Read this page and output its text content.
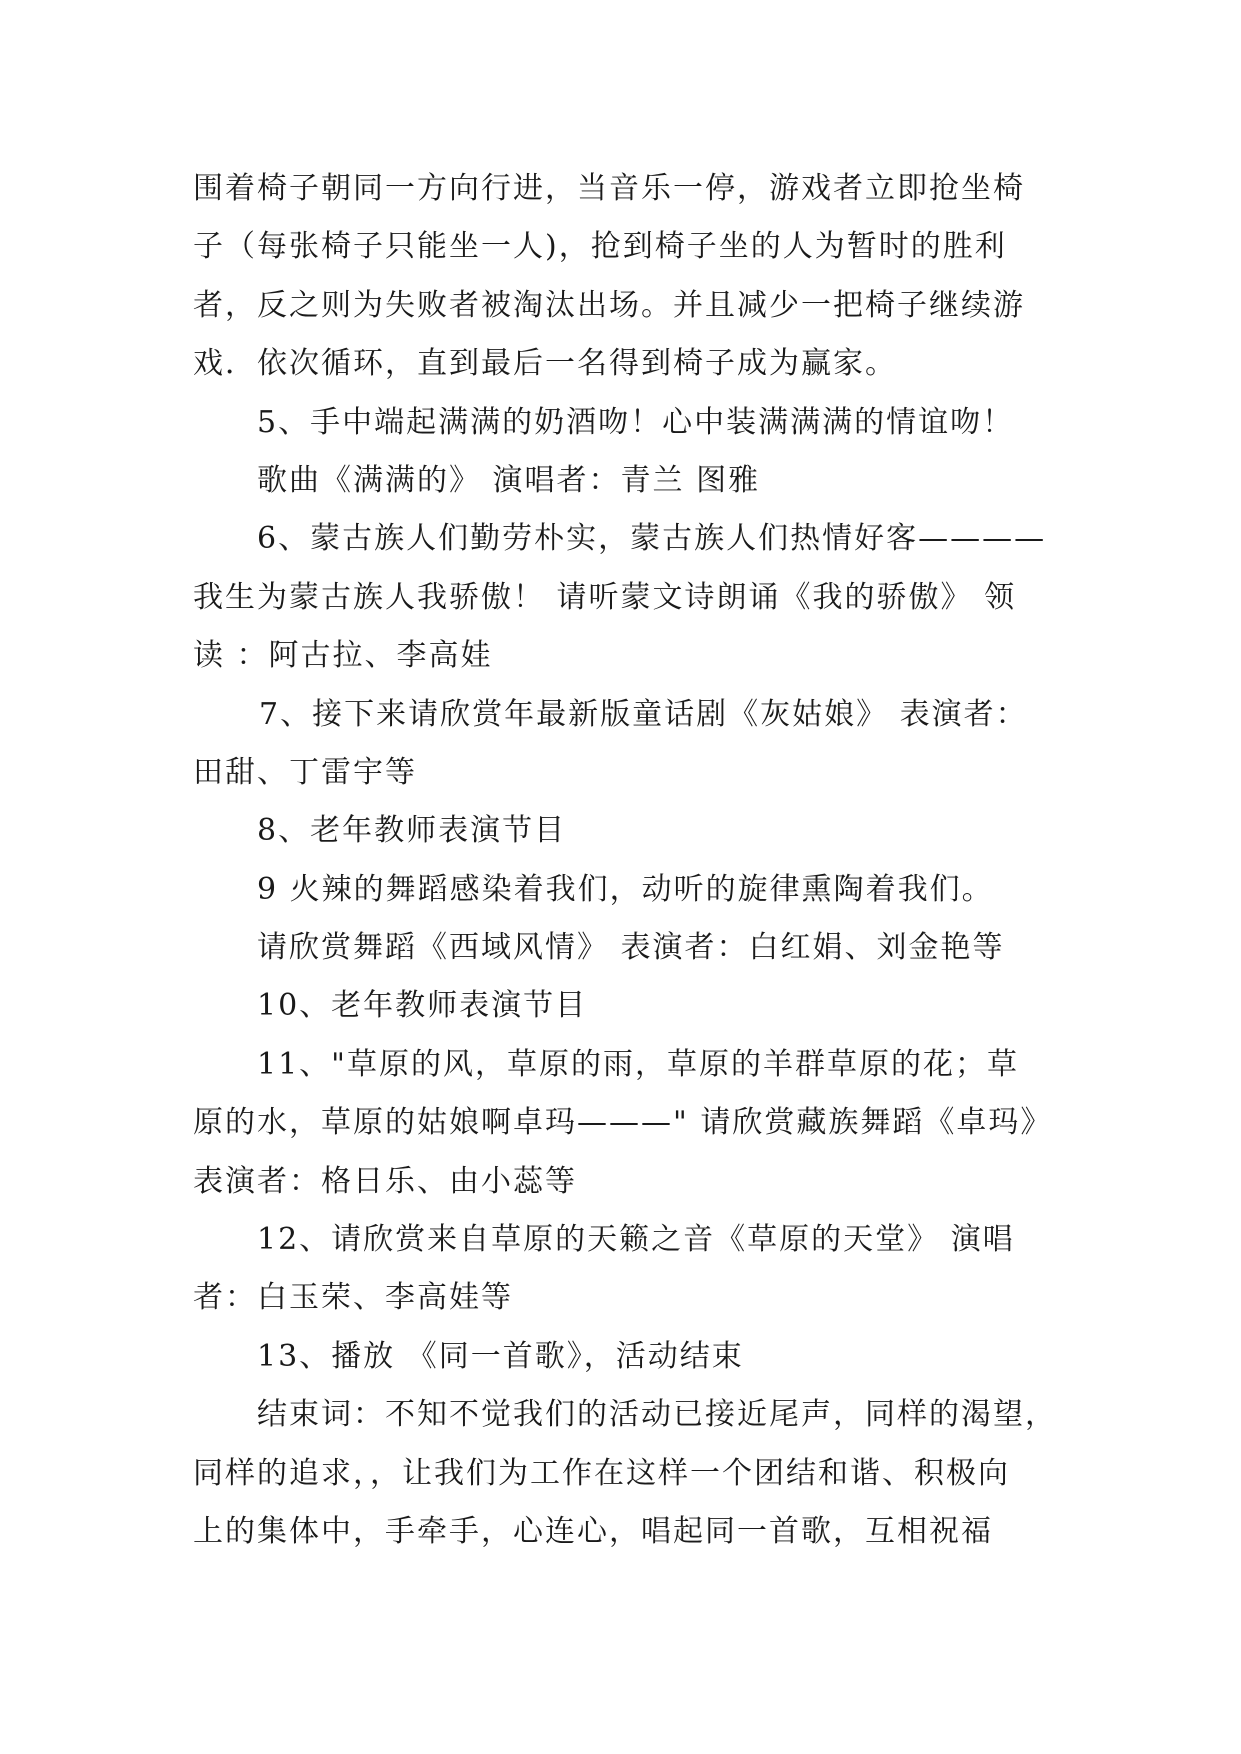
围着椅子朝同一方向行进，当音乐一停，游戏者立即抢坐椅
子（每张椅子只能坐一人)，抢到椅子坐的人为暂时的胜利
者，反之则为失败者被淘汰出场。并且减少一把椅子继续游
戏．依次循环，直到最后一名得到椅子成为赢家。
5、手中端起满满的奶酒吻！心中装满满满的情谊吻！
歌曲《满满的》 演唱者：青兰 图雅
6、蒙古族人们勤劳朴实，蒙古族人们热情好客————
我生为蒙古族人我骄傲！ 请听蒙文诗朗诵《我的骄傲》 领
读 ：阿古拉、李高娃
7、接下来请欣赏年最新版童话剧《灰姑娘》 表演者：
田甜、丁雷宇等
8、老年教师表演节目
9 火辣的舞蹈感染着我们，动听的旋律熏陶着我们。
请欣赏舞蹈《西域风情》 表演者：白红娟、刘金艳等
10、老年教师表演节目
11、"草原的风，草原的雨，草原的羊群草原的花；草
原的水，草原的姑娘啊卓玛———" 请欣赏藏族舞蹈《卓玛》
表演者：格日乐、由小蕊等
12、请欣赏来自草原的天籁之音《草原的天堂》 演唱
者：白玉荣、李高娃等
13、播放 《同一首歌》，活动结束
结束词：不知不觉我们的活动已接近尾声，同样的渴望，
同样的追求，，让我们为工作在这样一个团结和谐、积极向
上的集体中，手牵手，心连心，唱起同一首歌，互相祝福
